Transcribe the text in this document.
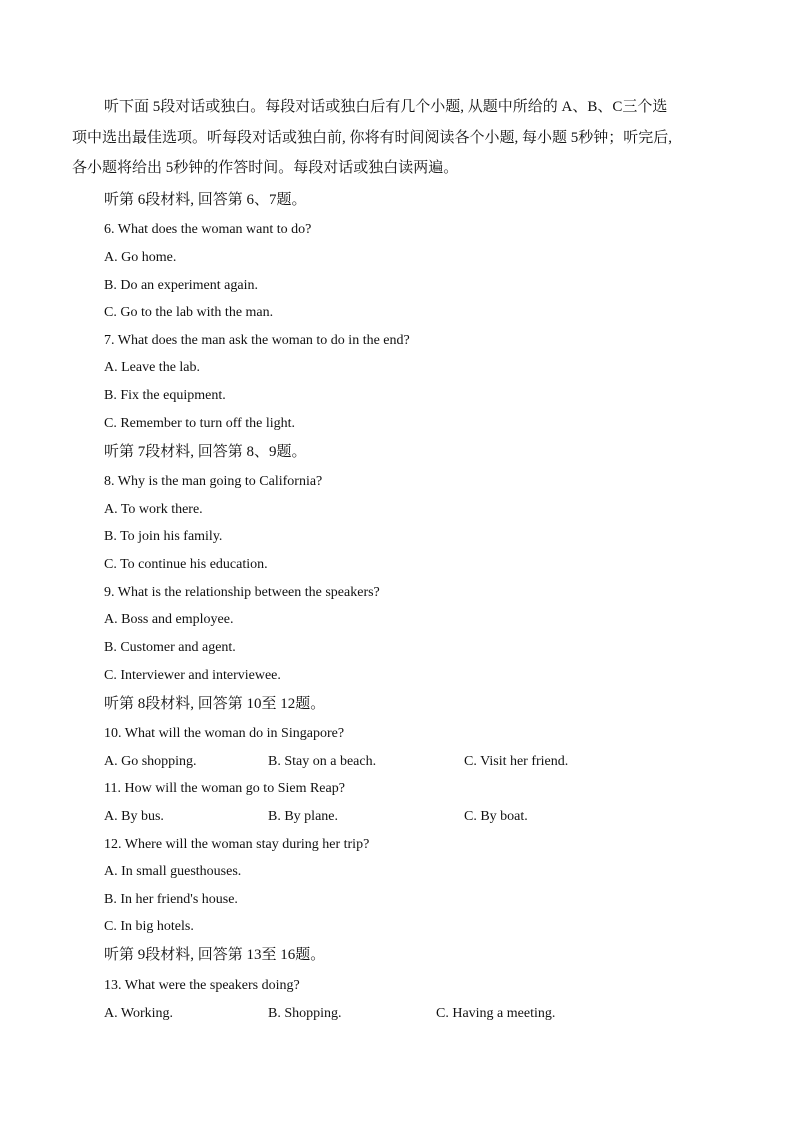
听下面 5段对话或独白。每段对话或独白后有几个小题, 从题中所给的 A、B、C三个选
项中选出最佳选项。听每段对话或独白前, 你将有时间阅读各个小题, 每小题 5秒钟；听完后,
各小题将给出 5秒钟的作答时间。每段对话或独白读两遍。
听第 6段材料, 回答第 6、7题。
6. What does the woman want to do?
A. Go home.
B. Do an experiment again.
C. Go to the lab with the man.
7. What does the man ask the woman to do in the end?
A. Leave the lab.
B. Fix the equipment.
C. Remember to turn off the light.
听第 7段材料, 回答第 8、9题。
8. Why is the man going to California?
A. To work there.
B. To join his family.
C. To continue his education.
9. What is the relationship between the speakers?
A. Boss and employee.
B. Customer and agent.
C. Interviewer and interviewee.
听第 8段材料, 回答第 10至 12题。
10. What will the woman do in Singapore?
A. Go shopping.	B. Stay on a beach.	C. Visit her friend.
11. How will the woman go to Siem Reap?
A. By bus.	B. By plane.	C. By boat.
12. Where will the woman stay during her trip?
A. In small guesthouses.
B. In her friend's house.
C. In big hotels.
听第 9段材料, 回答第 13至 16题。
13. What were the speakers doing?
A. Working.	B. Shopping.	C. Having a meeting.
